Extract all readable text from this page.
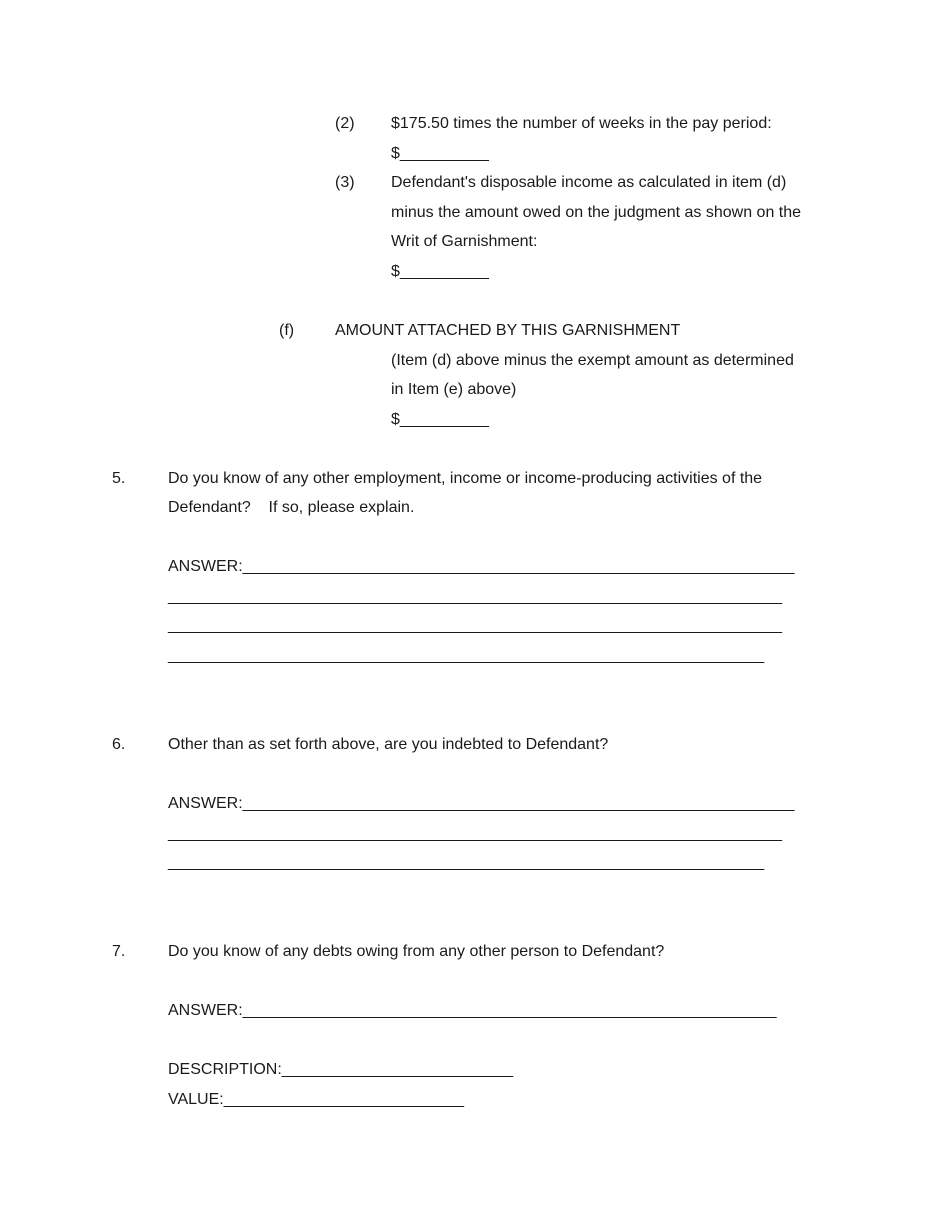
(2) $175.50 times the number of weeks in the pay period:
$__________
(3) Defendant's disposable income as calculated in item (d)
minus the amount owed on the judgment as shown on the
Writ of Garnishment:
$__________
(f)	AMOUNT ATTACHED BY THIS GARNISHMENT
(Item (d) above minus the exempt amount as determined
in Item (e) above)
$__________
5.	Do you know of any other employment, income or income-producing activities of the
Defendant?    If so, please explain.
ANSWER:______________________________________________________________
_____________________________________________________________________
_____________________________________________________________________
___________________________________________________________________
6.	Other than as set forth above, are you indebted to Defendant?
ANSWER:______________________________________________________________
_____________________________________________________________________
___________________________________________________________________
7.	Do you know of any debts owing from any other person to Defendant?
ANSWER:____________________________________________________________
DESCRIPTION:__________________________
VALUE:___________________________
